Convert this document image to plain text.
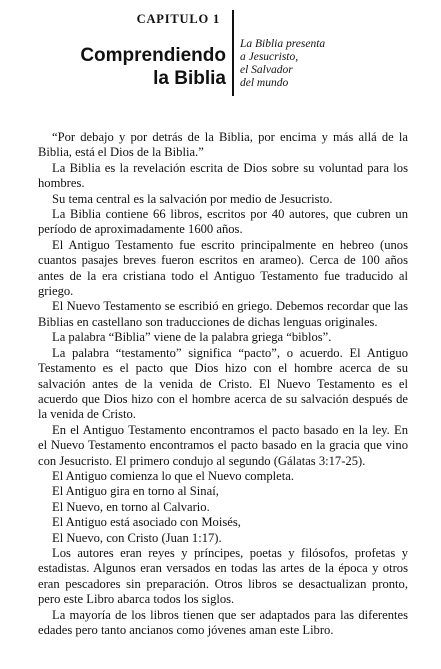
CAPITULO 1
Comprendiendo
la Biblia
La Biblia presenta
a Jesucristo,
el Salvador
del mundo

“Por debajo y por detrás de la Biblia, por encima y más allá de la Biblia, está el Dios de la Biblia.”

La Biblia es la revelación escrita de Dios sobre su voluntad para los hombres.

Su tema central es la salvación por medio de Jesucristo.

La Biblia contiene 66 libros, escritos por 40 autores, que cubren un período de aproximadamente 1600 años.

El Antiguo Testamento fue escrito principalmente en hebreo (unos cuantos pasajes breves fueron escritos en arameo). Cerca de 100 años antes de la era cristiana todo el Antiguo Testamento fue traducido al griego.

El Nuevo Testamento se escribió en griego. Debemos recordar que las Biblias en castellano son traducciones de dichas lenguas originales.

La palabra “Biblia” viene de la palabra griega “biblos”.

La palabra “testamento” significa “pacto”, o acuerdo. El Antiguo Testamento es el pacto que Dios hizo con el hombre acerca de su salvación antes de la venida de Cristo. El Nuevo Testamento es el acuerdo que Dios hizo con el hombre acerca de su salvación después de la venida de Cristo.

En el Antiguo Testamento encontramos el pacto basado en la ley. En el Nuevo Testamento encontramos el pacto basado en la gracia que vino con Jesucristo. El primero condujo al segundo (Gálatas 3:17-25).

El Antiguo comienza lo que el Nuevo completa.

El Antiguo gira en torno al Sinaí,

El Nuevo, en torno al Calvario.

El Antiguo está asociado con Moisés,

El Nuevo, con Cristo (Juan 1:17).

Los autores eran reyes y príncipes, poetas y filósofos, profetas y estadistas. Algunos eran versados en todas las artes de la época y otros eran pescadores sin preparación. Otros libros se desactualizan pronto, pero este Libro abarca todos los siglos.

La mayoría de los libros tienen que ser adaptados para las diferentes edades pero tanto ancianos como jóvenes aman este Libro.
